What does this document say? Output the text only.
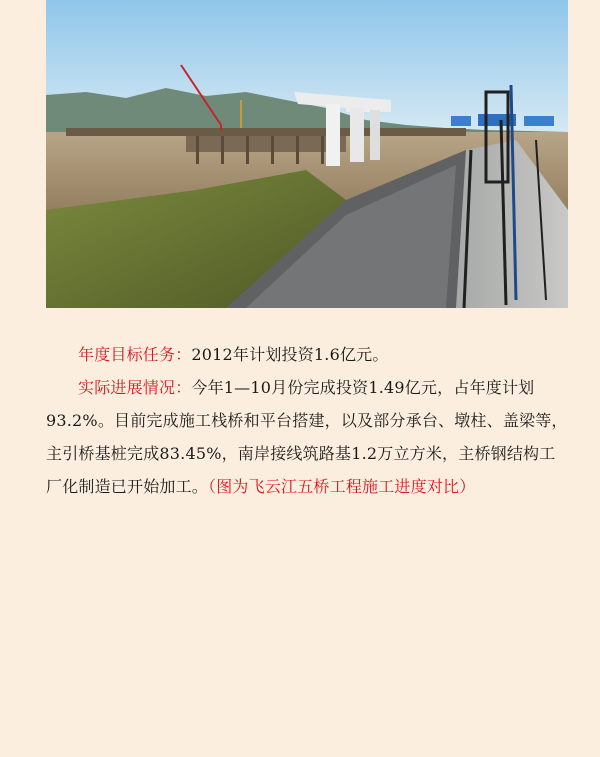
年度目标任务：2012年计划投资1.6亿元。

实际进展情况：今年1—10月份完成投资1.49亿元，占年度计划93.2%。目前完成施工栈桥和平台搭建，以及部分承台、墩柱、盖梁等，主引桥基桩完成83.45%，南岸接线筑路基1.2万立方米，主桥钢结构工厂化制造已开始加工。（图为飞云江五桥工程施工进度对比）
